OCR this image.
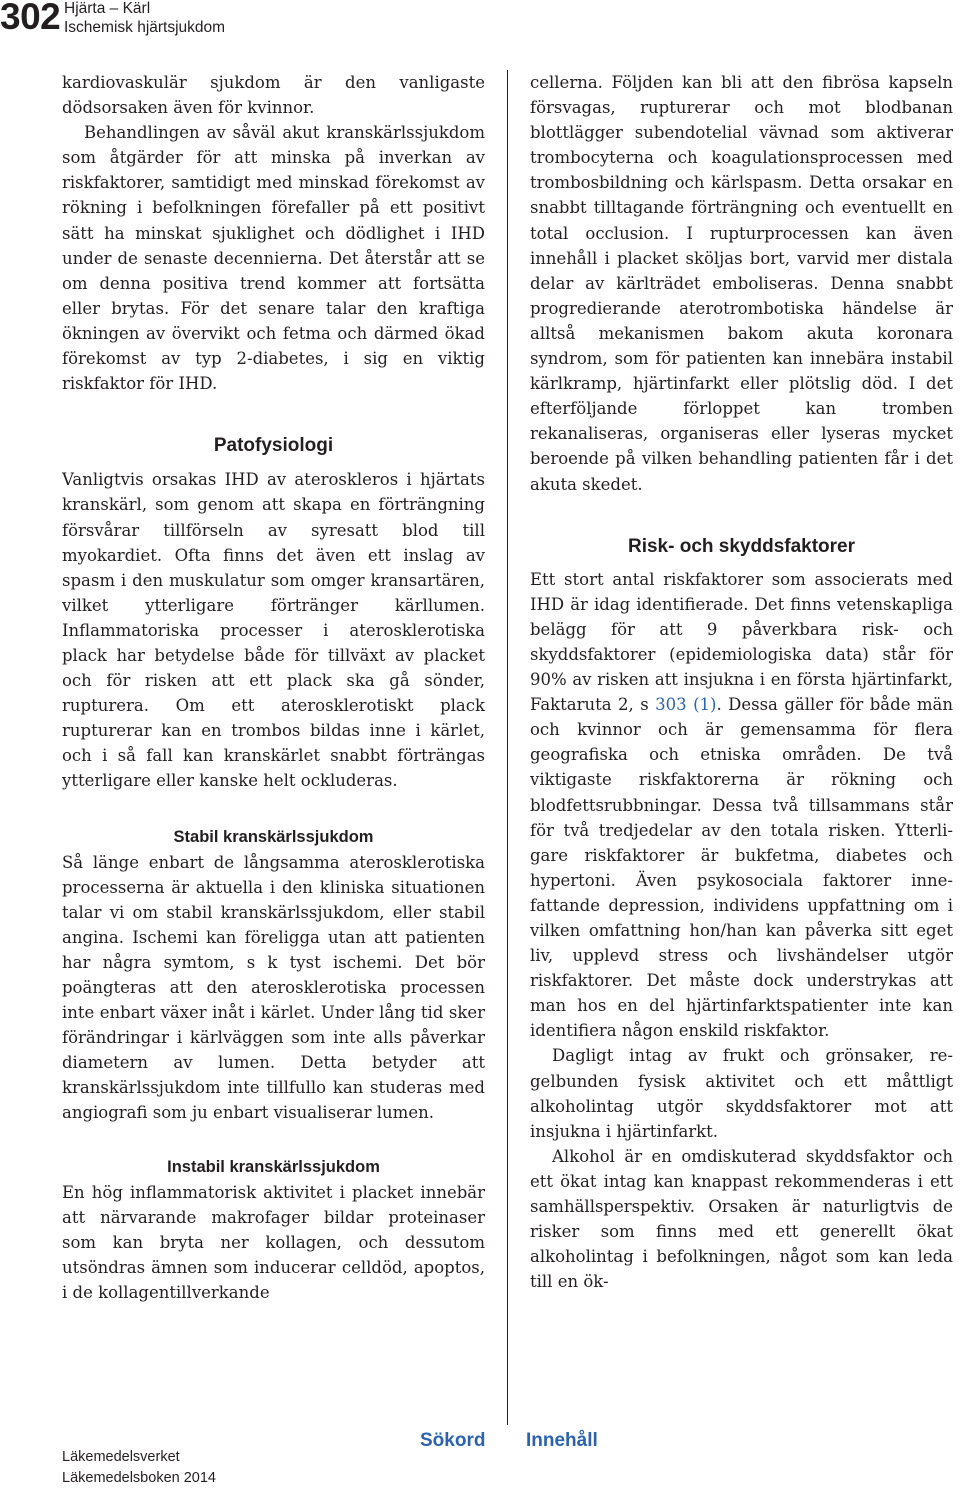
302 Hjärta – Kärl
Ischemisk hjärtsjukdom

kardiovaskulär sjukdom är den vanligaste dödsorsaken även för kvinnor.

Behandlingen av såväl akut kranskärlssjukdom som åtgärder för att minska på inverkan av riskfaktorer, samtidigt med minskad förekomst av rökning i befolkningen förefaller på ett positivt sätt ha minskat sjuklighet och dödlighet i IHD under de senaste decennierna. Det återstår att se om denna positiva trend kommer att fortsätta eller brytas. För det senare talar den kraftiga ökningen av övervikt och fetma och därmed ökad förekomst av typ 2-diabetes, i sig en viktig riskfaktor för IHD.

Patofysiologi

Vanligtvis orsakas IHD av ateroskleros i hjärtats kranskärl, som genom att skapa en förträngning försvårar tillförseln av syresatt blod till myokardiet. Ofta finns det även ett inslag av spasm i den muskulatur som omger kransartären, vilket ytterligare förtränger kärllumen. Inflammatoriska processer i aterosklerotiska plack har betydelse både för tillväxt av placket och för risken att ett plack ska gå sönder, rupturera. Om ett aterosklerotiskt plack rupturerar kan en trombos bildas inne i kärlet, och i så fall kan kranskärlet snabbt förträngas ytterligare eller kanske helt ockluderas.

Stabil kranskärlssjukdom

Så länge enbart de långsamma aterosklerotiska processerna är aktuella i den kliniska situationen talar vi om stabil kranskärlssjukdom, eller stabil angina. Ischemi kan föreligga utan att patienten har några symtom, s k tyst ischemi. Det bör poängteras att den aterosklerotiska processen inte enbart växer inåt i kärlet. Under lång tid sker förändringar i kärlväggen som inte alls påverkar diametern av lumen. Detta betyder att kranskärlssjukdom inte tillfullo kan studeras med angiografi som ju enbart visualiserar lumen.

Instabil kranskärlssjukdom

En hög inflammatorisk aktivitet i placket innebär att närvarande makrofager bildar proteinaser som kan bryta ner kollagen, och dessutom utsöndras ämnen som inducerar celldöd, apoptos, i de kollagentillverkande

cellerna. Följden kan bli att den fibrösa kapseln försvagas, rupturerar och mot blodbanan blottlägger subendotelial vävnad som aktiverar trombocyterna och koagulationsprocessen med trombosbildning och kärlspasm. Detta orsakar en snabbt tilltagande förträngning och eventuellt en total occlusion. I rupturprocessen kan även innehåll i placket sköljas bort, varvid mer distala delar av kärlträdet emboliseras. Denna snabbt progredierande aterotrombotiska händelse är alltså mekanismen bakom akuta koronara syndrom, som för patienten kan innebära instabil kärlkramp, hjärtinfarkt eller plötslig död. I det efterföljande förloppet kan tromben rekanaliseras, organiseras eller lyseras mycket beroende på vilken behandling patienten får i det akuta skedet.

Risk- och skyddsfaktorer

Ett stort antal riskfaktorer som associerats med IHD är idag identifierade. Det finns vetenskapliga belägg för att 9 påverkbara risk- och skyddsfaktorer (epidemiologiska data) står för 90% av risken att insjukna i en första hjärtinfarkt, Faktaruta 2, s 303 (1). Dessa gäller för både män och kvinnor och är gemensamma för flera geografiska och etniska områden. De två viktigaste riskfaktorerna är rökning och blodfettsrubbningar. Dessa två tillsammans står för två tredjedelar av den totala risken. Ytterligare riskfaktorer är bukfetma, diabetes och hypertoni. Även psykosociala faktorer innefattande depression, individens uppfattning om i vilken omfattning hon/han kan påverka sitt eget liv, upplevd stress och livshändelser utgör riskfaktorer. Det måste dock understrykas att man hos en del hjärtinfarktspatienter inte kan identifiera någon enskild riskfaktor.

Dagligt intag av frukt och grönsaker, regelbunden fysisk aktivitet och ett måttligt alkoholintag utgör skyddsfaktorer mot att insjukna i hjärtinfarkt.

Alkohol är en omdiskuterad skyddsfaktor och ett ökat intag kan knappast rekommenderas i ett samhällsperspektiv. Orsaken är naturligtvis de risker som finns med ett generellt ökat alkoholintag i befolkningen, något som kan leda till en ök-

Sökord Innehåll
Läkemedelsverket
Läkemedelsboken 2014
